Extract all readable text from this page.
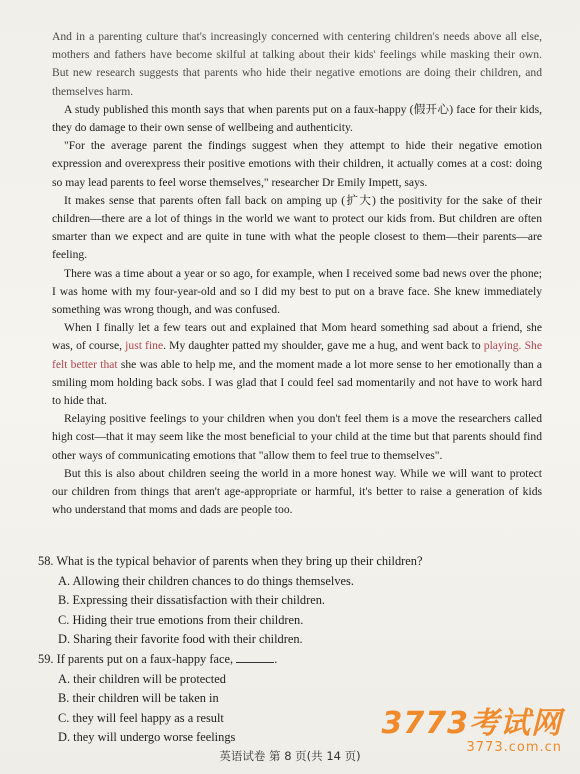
And in a parenting culture that's increasingly concerned with centering children's needs above all else, mothers and fathers have become skilful at talking about their kids' feelings while masking their own. But new research suggests that parents who hide their negative emotions are doing their children, and themselves harm.

A study published this month says that when parents put on a faux-happy (假开心) face for their kids, they do damage to their own sense of wellbeing and authenticity.

"For the average parent the findings suggest when they attempt to hide their negative emotion expression and overexpress their positive emotions with their children, it actually comes at a cost: doing so may lead parents to feel worse themselves," researcher Dr Emily Impett, says.

It makes sense that parents often fall back on amping up (扩大) the positivity for the sake of their children—there are a lot of things in the world we want to protect our kids from. But children are often smarter than we expect and are quite in tune with what the people closest to them—their parents—are feeling.

There was a time about a year or so ago, for example, when I received some bad news over the phone; I was home with my four-year-old and so I did my best to put on a brave face. She knew immediately something was wrong though, and was confused.

When I finally let a few tears out and explained that Mom heard something sad about a friend, she was, of course, just fine. My daughter patted my shoulder, gave me a hug, and went back to playing. She felt better that she was able to help me, and the moment made a lot more sense to her emotionally than a smiling mom holding back sobs. I was glad that I could feel sad momentarily and not have to work hard to hide that.

Relaying positive feelings to your children when you don't feel them is a move the researchers called high cost—that it may seem like the most beneficial to your child at the time but that parents should find other ways of communicating emotions that "allow them to feel true to themselves".

But this is also about children seeing the world in a more honest way. While we will want to protect our children from things that aren't age-appropriate or harmful, it's better to raise a generation of kids who understand that moms and dads are people too.

58. What is the typical behavior of parents when they bring up their children?

A. Allowing their children chances to do things themselves.

B. Expressing their dissatisfaction with their children.

C. Hiding their true emotions from their children.

D. Sharing their favorite food with their children.

59. If parents put on a faux-happy face,	.

A. their children will be protected

B. their children will be taken in

C. they will feel happy as a result

D. they will undergo worse feelings	3773考试网
3773.com.cn
英语试卷 第 8 页(共 14 页)
